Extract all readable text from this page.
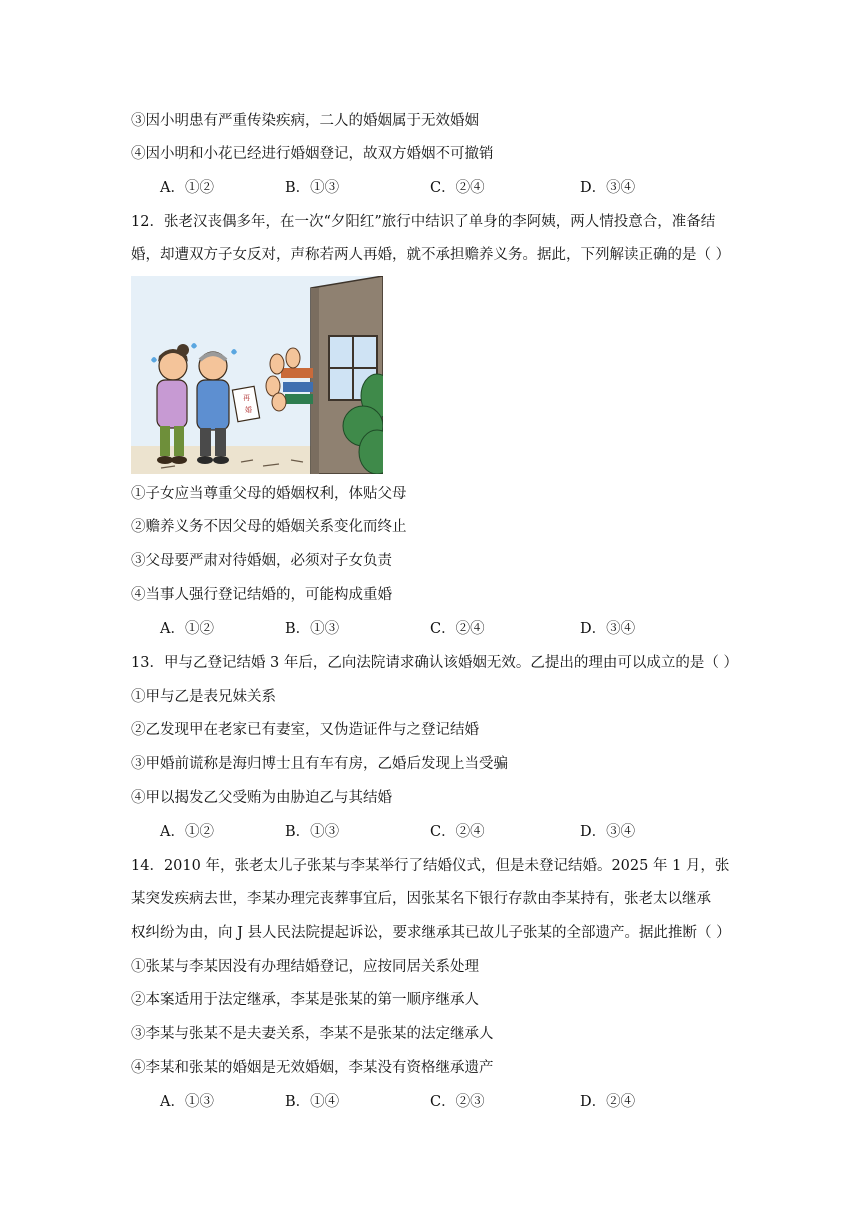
③因小明患有严重传染疾病，二人的婚姻属于无效婚姻
④因小明和小花已经进行婚姻登记，故双方婚姻不可撤销
A．①②	B．①③	C．②④	D．③④
12．张老汉丧偶多年，在一次“夕阳红”旅行中结识了单身的李阿姨，两人情投意合，准备结
婚，却遭双方子女反对，声称若两人再婚，就不承担赡养义务。据此，下列解读正确的是（ ）
再
婚
①子女应当尊重父母的婚姻权利，体贴父母
②赡养义务不因父母的婚姻关系变化而终止
③父母要严肃对待婚姻，必须对子女负责
④当事人强行登记结婚的，可能构成重婚
A．①②	B．①③	C．②④	D．③④
13．甲与乙登记结婚 3 年后，乙向法院请求确认该婚姻无效。乙提出的理由可以成立的是（ ）
①甲与乙是表兄妹关系
②乙发现甲在老家已有妻室，又伪造证件与之登记结婚
③甲婚前谎称是海归博士且有车有房，乙婚后发现上当受骗
④甲以揭发乙父受贿为由胁迫乙与其结婚
A．①②	B．①③	C．②④	D．③④
14．2010 年，张老太儿子张某与李某举行了结婚仪式，但是未登记结婚。2025 年 1 月，张
某突发疾病去世，李某办理完丧葬事宜后，因张某名下银行存款由李某持有，张老太以继承
权纠纷为由，向 J 县人民法院提起诉讼，要求继承其已故儿子张某的全部遗产。据此推断（ ）
①张某与李某因没有办理结婚登记，应按同居关系处理
②本案适用于法定继承，李某是张某的第一顺序继承人
③李某与张某不是夫妻关系，李某不是张某的法定继承人
④李某和张某的婚姻是无效婚姻，李某没有资格继承遗产
A．①③	B．①④	C．②③	D．②④
